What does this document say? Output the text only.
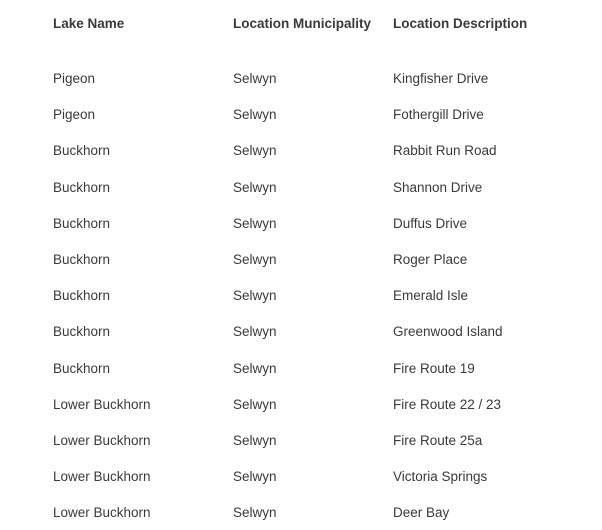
Lake Name	Location Municipality	Location Description
Pigeon	Selwyn	Kingfisher Drive
Pigeon	Selwyn	Fothergill Drive
Buckhorn	Selwyn	Rabbit Run Road
Buckhorn	Selwyn	Shannon Drive
Buckhorn	Selwyn	Duffus Drive
Buckhorn	Selwyn	Roger Place
Buckhorn	Selwyn	Emerald Isle
Buckhorn	Selwyn	Greenwood Island
Buckhorn	Selwyn	Fire Route 19
Lower Buckhorn	Selwyn	Fire Route 22 / 23
Lower Buckhorn	Selwyn	Fire Route 25a
Lower Buckhorn	Selwyn	Victoria Springs
Lower Buckhorn	Selwyn	Deer Bay
